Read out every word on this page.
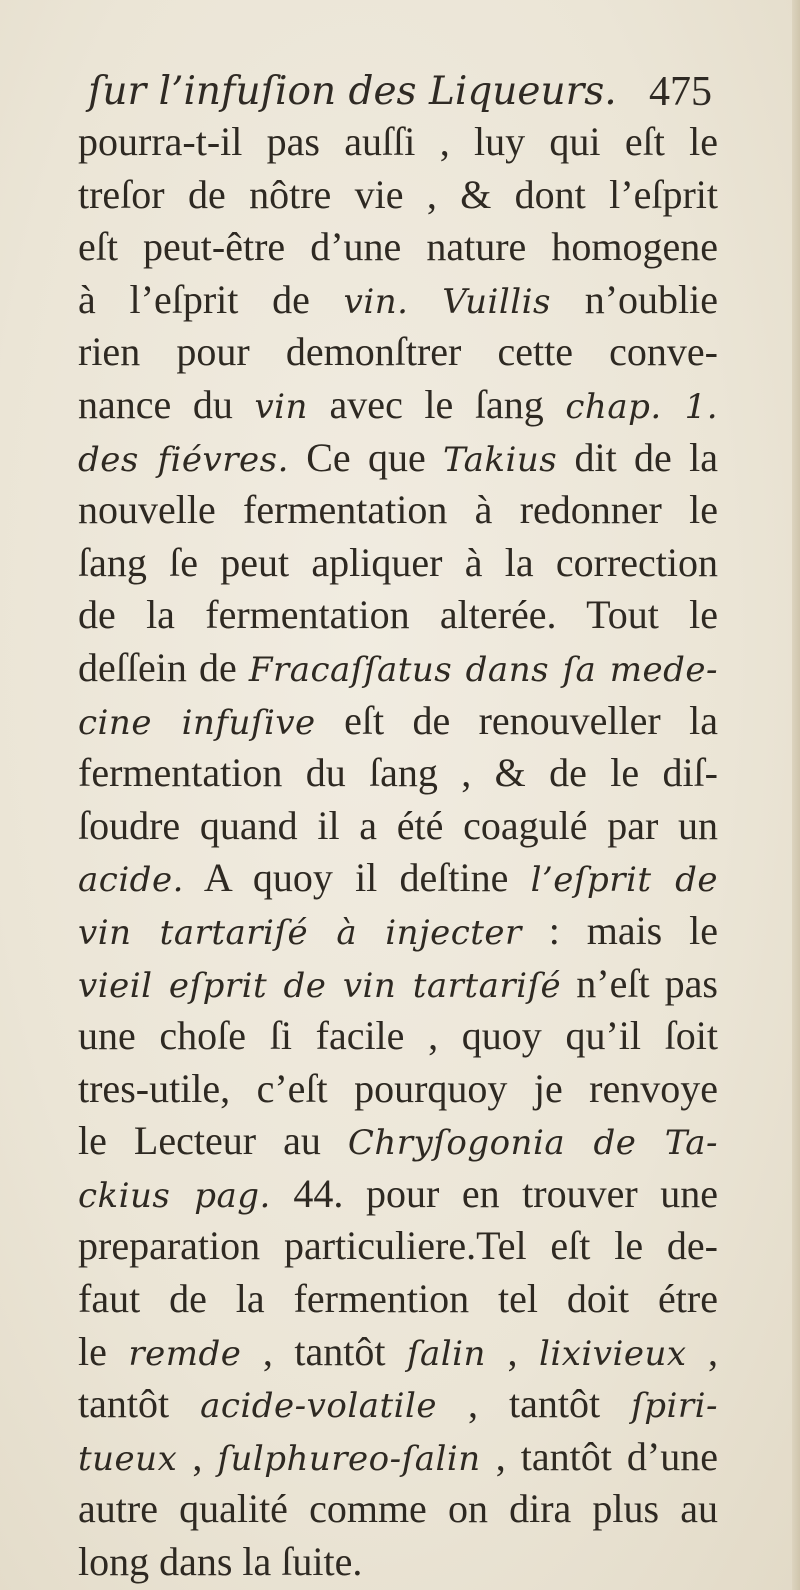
ſur l’infuſion des Liqueurs. 475
pourra-t-il pas auſſi , luy qui eſt le
treſor de nôtre vie , & dont l’eſprit
eſt peut-être d’une nature homogene
à l’eſprit de vin. Vuillis n’oublie
rien pour demonſtrer cette conve-
nance du vin avec le ſang chap. 1.
des fiévres. Ce que Takius dit de la
nouvelle fermentation à redonner le
ſang ſe peut apliquer à la correction
de la fermentation alterée. Tout le
deſſein de Fracaſſatus dans ſa mede-
cine infuſive eſt de renouveller la
fermentation du ſang , & de le diſ-
ſoudre quand il a été coagulé par un
acide. A quoy il deſtine l’eſprit de
vin tartariſé à injecter : mais le
vieil eſprit de vin tartariſé n’eſt pas
une choſe ſi facile , quoy qu’il ſoit
tres-utile, c’eſt pourquoy je renvoye
le Lecteur au Chryſogonia de Ta-
ckius pag. 44. pour en trouver une
preparation particuliere.Tel eſt le de-
faut de la fermention tel doit étre
le remde , tantôt ſalin , lixivieux ,
tantôt acide-volatile , tantôt ſpiri-
tueux , ſulphureo-ſalin , tantôt d’une
autre qualité comme on dira plus au
long dans la ſuite.
